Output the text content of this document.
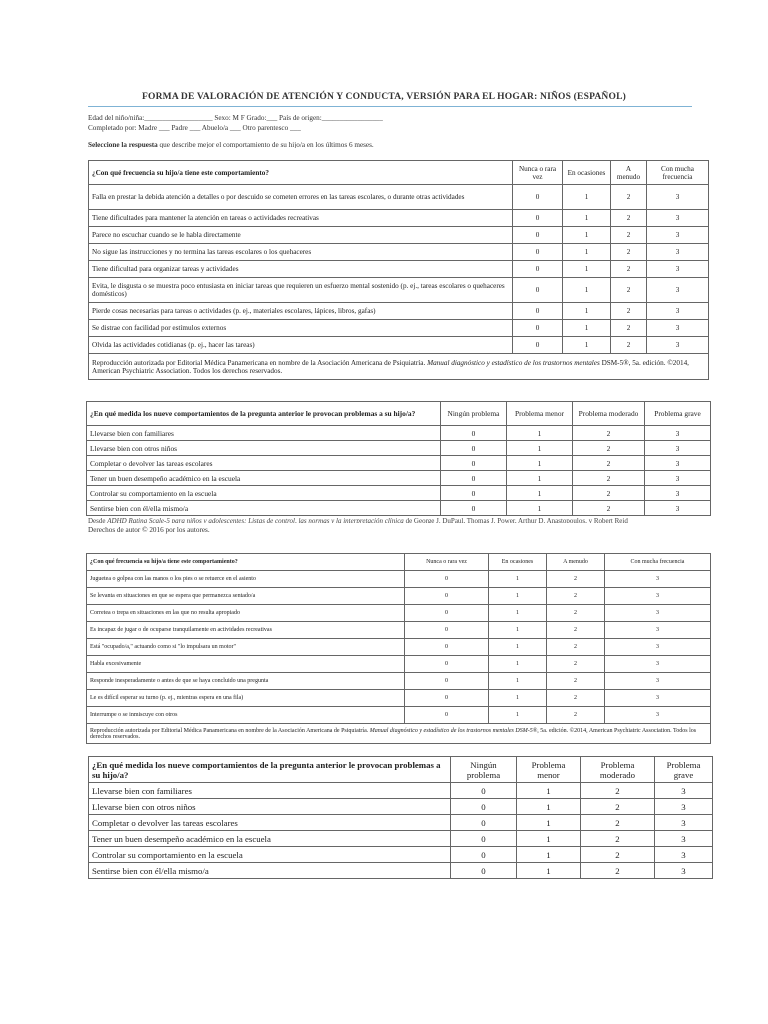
FORMA DE VALORACIÓN DE ATENCIÓN Y CONDUCTA, VERSIÓN PARA EL HOGAR: NIÑOS (ESPAÑOL)
Edad del niño/niña:___________________ Sexo: M F Grado:___ País de origen:_________________
Completado por: Madre ___ Padre ___ Abuelo/a ___ Otro parentesco ___
Seleccione la respuesta que describe mejor el comportamiento de su hijo/a en los últimos 6 meses.
¿Con qué frecuencia su hijo/a tiene este comportamiento?	Nunca o rara vez	En ocasiones	A menudo	Con mucha frecuencia
Falla en prestar la debida atención a detalles o por descuido se cometen errores en las tareas escolares, o durante otras actividades	0	1	2	3
Tiene dificultades para mantener la atención en tareas o actividades recreativas	0	1	2	3
Parece no escuchar cuando se le habla directamente	0	1	2	3
No sigue las instrucciones y no termina las tareas escolares o los quehaceres	0	1	2	3
Tiene dificultad para organizar tareas y actividades	0	1	2	3
Evita, le disgusta o se muestra poco entusiasta en iniciar tareas que requieren un esfuerzo mental sostenido (p. ej., tareas escolares o quehaceres domésticos)	0	1	2	3
Pierde cosas necesarias para tareas o actividades (p. ej., materiales escolares, lápices, libros, gafas)	0	1	2	3
Se distrae con facilidad por estímulos externos	0	1	2	3
Olvida las actividades cotidianas (p. ej., hacer las tareas)	0	1	2	3
Reproducción autorizada por Editorial Médica Panamericana en nombre de la Asociación Americana de Psiquiatría. Manual diagnóstico y estadístico de los trastornos mentales DSM-5®, 5a. edición. ©2014, American Psychiatric Association. Todos los derechos reservados.				
¿En qué medida los nueve comportamientos de la pregunta anterior le provocan problemas a su hijo/a?	Ningún problema	Problema menor	Problema moderado	Problema grave
Llevarse bien con familiares	0	1	2	3
Llevarse bien con otros niños	0	1	2	3
Completar o devolver las tareas escolares	0	1	2	3
Tener un buen desempeño académico en la escuela	0	1	2	3
Controlar su comportamiento en la escuela	0	1	2	3
Sentirse bien con él/ella mismo/a	0	1	2	3
Desde ADHD Rating Scale-5 para niños y adolescentes: Listas de control, las normas y la interpretación clínica de George J. DuPaul, Thomas J. Power, Arthur D. Anastopoulos, y Robert Reid
Derechos de autor © 2016 por los autores.
¿Con qué frecuencia su hijo/a tiene este comportamiento?	Nunca o rara vez	En ocasiones	A menudo	Con mucha frecuencia
Juguetea o golpea con las manos o los pies o se retuerce en el asiento	0	1	2	3
Se levanta en situaciones en que se espera que permanezca sentado/a	0	1	2	3
Corretea o trepa en situaciones en las que no resulta apropiado	0	1	2	3
Es incapaz de jugar o de ocuparse tranquilamente en actividades recreativas	0	1	2	3
Está "ocupado/a," actuando como si "lo impulsara un motor"	0	1	2	3
Habla excesivamente	0	1	2	3
Responde inesperadamente o antes de que se haya concluido una pregunta	0	1	2	3
Le es difícil esperar su turno (p. ej., mientras espera en una fila)	0	1	2	3
Interrumpe o se inmiscuye con otros	0	1	2	3
Reproducción autorizada por Editorial Médica Panamericana en nombre de la Asociación Americana de Psiquiatría. Manual diagnóstico y estadístico de los trastornos mentales DSM-5®, 5a. edición. ©2014, American Psychiatric Association. Todos los derechos reservados.				
¿En qué medida los nueve comportamientos de la pregunta anterior le provocan problemas a su hijo/a?	Ningún problema	Problema menor	Problema moderado	Problema grave
Llevarse bien con familiares	0	1	2	3
Llevarse bien con otros niños	0	1	2	3
Completar o devolver las tareas escolares	0	1	2	3
Tener un buen desempeño académico en la escuela	0	1	2	3
Controlar su comportamiento en la escuela	0	1	2	3
Sentirse bien con él/ella mismo/a	0	1	2	3
